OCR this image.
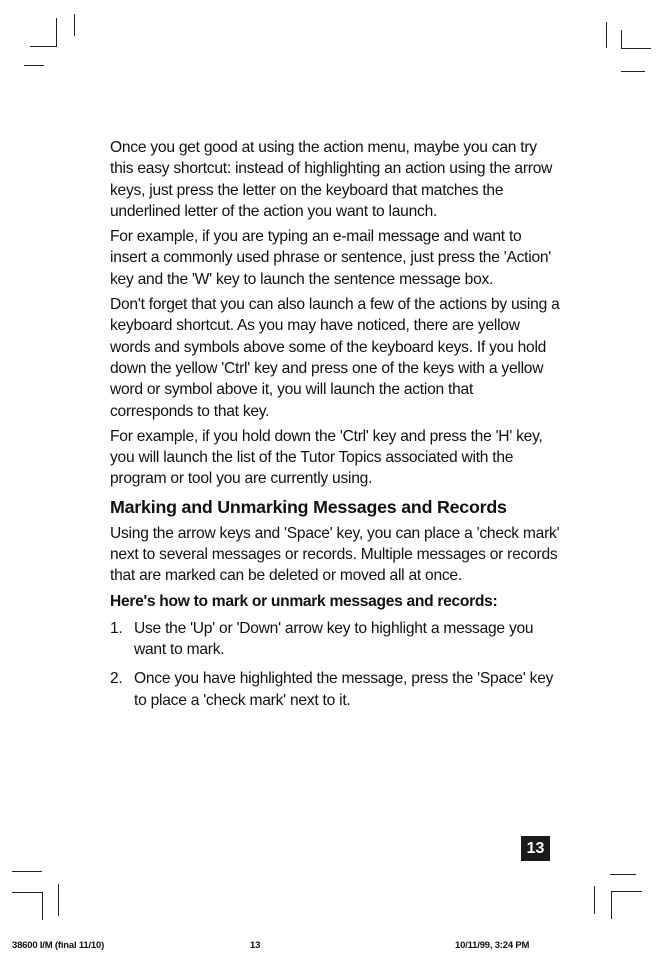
Once you get good at using the action menu, maybe you can try this easy shortcut: instead of highlighting an action using the arrow keys, just press the letter on the keyboard that matches the underlined letter of the action you want to launch.

For example, if you are typing an e-mail message and want to insert a commonly used phrase or sentence, just press the 'Action' key and the 'W' key to launch the sentence message box.

Don't forget that you can also launch a few of the actions by using a keyboard shortcut. As you may have noticed, there are yellow words and symbols above some of the keyboard keys. If you hold down the yellow 'Ctrl' key and press one of the keys with a yellow word or symbol above it, you will launch the action that corresponds to that key.

For example, if you hold down the 'Ctrl' key and press the 'H' key, you will launch the list of the Tutor Topics associated with the program or tool you are currently using.

Marking and Unmarking Messages and Records

Using the arrow keys and 'Space' key, you can place a 'check mark' next to several messages or records. Multiple messages or records that are marked can be deleted or moved all at once.

Here's how to mark or unmark messages and records:
1. Use the 'Up' or 'Down' arrow key to highlight a message you want to mark.
2. Once you have highlighted the message, press the 'Space' key to place a 'check mark' next to it.
13
38600 I/M (final 11/10)	13	10/11/99, 3:24 PM
